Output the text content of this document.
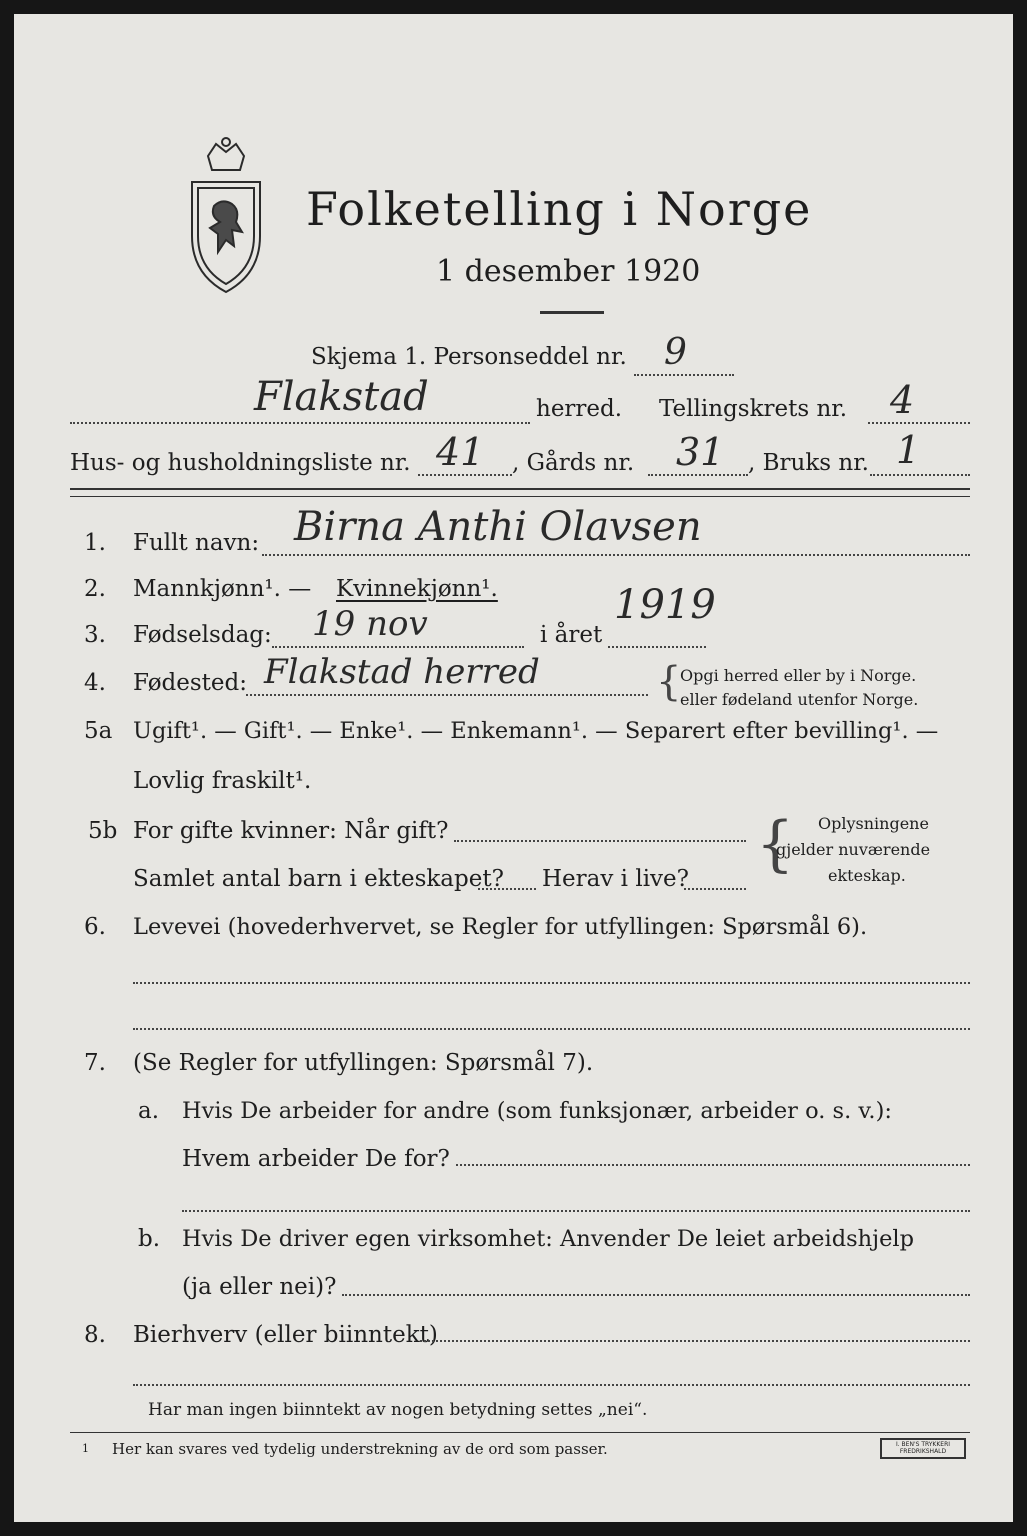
Folketelling i Norge
1 desember 1920
Skjema 1. Personseddel nr. 9
Flakstad	herred. Tellingskrets nr. 4
Hus- og husholdningsliste nr. 41 , Gårds nr. 31 , Bruks nr. 1
1.	Fullt navn: Birna Anthi Olavsen
2.	Mannkjønn¹. — Kvinnekjønn¹.
3.	Fødselsdag: 19 nov	i året
1919
4.	Fødested: Flakstad herred	{
Opgi herred eller by i Norge.
eller fødeland utenfor Norge.
5a Ugift¹. — Gift¹. — Enke¹. — Enkemann¹. — Separert efter bevilling¹. —
Lovlig fraskilt¹.
5b For gifte kvinner: Når gift?
Samlet antal barn i ekteskapet? Herav i live? { Oplysningene
gjelder nuværende
ekteskap.
6.	Levevei (hovederhvervet, se Regler for utfyllingen: Spørsmål 6).
7.	(Se Regler for utfyllingen: Spørsmål 7).
a. Hvis De arbeider for andre (som funksjonær, arbeider o. s. v.):
Hvem arbeider De for?
b. Hvis De driver egen virksomhet: Anvender De leiet arbeidshjelp
(ja eller nei)?
8.	Bierhverv (eller biinntekt)
Har man ingen biinntekt av nogen betydning settes „nei“.
1 Her kan svares ved tydelig understrekning av de ord som passer.	I. BEN'S TRYKKERI FREDRIKSHALD
